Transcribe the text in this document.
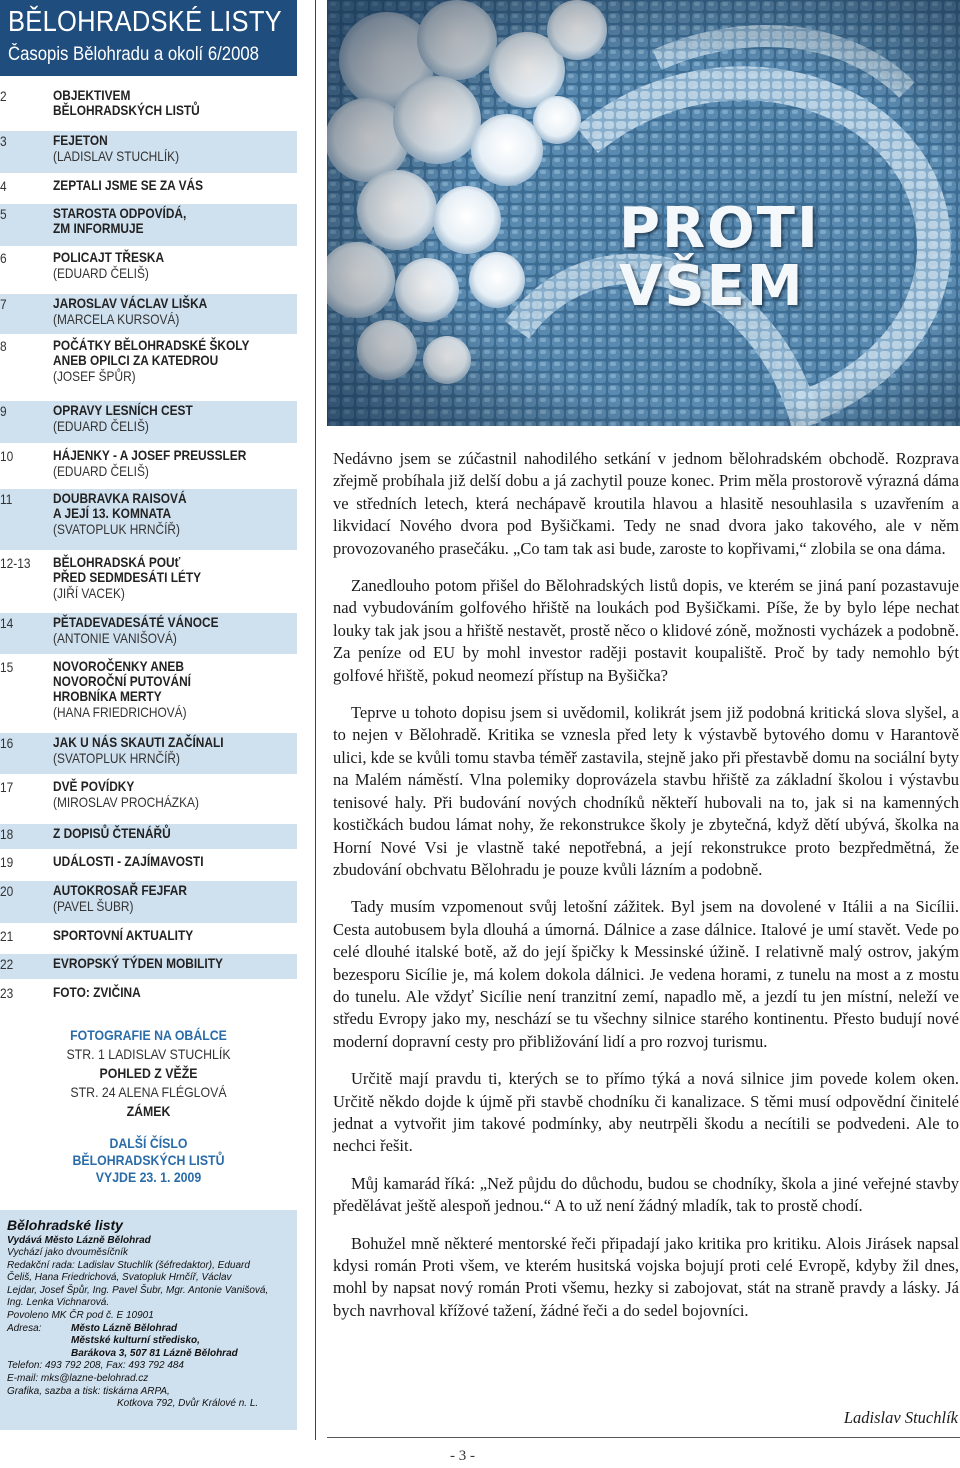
BĚLOHRADSKÉ LISTY
Časopis Bělohradu a okolí 6/2008
2	OBJEKTIVEM
BĚLOHRADSKÝCH LISTŮ
3	FEJETON
(LADISLAV STUCHLÍK)
4	ZEPTALI JSME SE ZA VÁS
5	STAROSTA ODPOVÍDÁ,
ZM INFORMUJE
6	POLICAJT TŘESKA
(EDUARD ČELIŠ)
7	JAROSLAV VÁCLAV LIŠKA
(MARCELA KURSOVÁ)
8	POČÁTKY BĚLOHRADSKÉ ŠKOLY
ANEB OPILCI ZA KATEDROU
(JOSEF ŠPŮR)
9	OPRAVY LESNÍCH CEST
(EDUARD ČELIŠ)
10	HÁJENKY - A JOSEF PREUSSLER
(EDUARD ČELIŠ)
11	DOUBRAVKA RAISOVÁ
A JEJÍ 13. KOMNATA
(SVATOPLUK HRNČÍŘ)
12-13 BĚLOHRADSKÁ POUť
PŘED SEDMDESÁTI LÉTY
(JIŘÍ VACEK)
14	PĚTADEVADESÁTÉ VÁNOCE
(ANTONIE VANIŠOVÁ)
15	NOVOROČENKY ANEB
NOVOROČNÍ PUTOVÁNÍ
HROBNÍKA MERTY
(HANA FRIEDRICHOVÁ)
16	JAK U NÁS SKAUTI ZAČÍNALI
(SVATOPLUK HRNČÍŘ)
17	DVĚ POVÍDKY
(MIROSLAV PROCHÁZKA)
18	Z DOPISŮ ČTENÁŘŮ
19	UDÁLOSTI - ZAJÍMAVOSTI
20	AUTOKROSAŘ FEJFAR
(PAVEL ŠUBR)
21	SPORTOVNÍ AKTUALITY
22	EVROPSKÝ TÝDEN MOBILITY
23	FOTO: ZVIČINA
FOTOGRAFIE NA OBÁLCE
STR. 1 LADISLAV STUCHLÍK
POHLED Z VĚŽE
STR. 24 ALENA FLÉGLOVÁ
ZÁMEK
DALŠÍ ČÍSLO
BĚLOHRADSKÝCH LISTŮ
VYJDE 23. 1. 2009
Bělohradské listy
Vydává Město Lázně Bělohrad
Vychází jako dvouměsíčník
Redakční rada: Ladislav Stuchlík (šéfredaktor), Eduard
Čeliš, Hana Friedrichová, Svatopluk Hrnčíř, Václav
Lejdar, Josef Špůr, Ing. Pavel Šubr, Mgr. Antonie Vanišová,
Ing. Lenka Vichnarová.
Povoleno MK ČR pod č. E 10901
Adresa:	Město Lázně Bělohrad
Městské kulturní středisko,
Barákova 3, 507 81 Lázně Bělohrad
Telefon: 493 792 208, Fax: 493 792 484
E-mail: mks@lazne-belohrad.cz
Grafika, sazba a tisk: tiskárna ARPA,
Kotkova 792, Dvůr Králové n. L.
PROTI
VŠEM

Nedávno jsem se zúčastnil nahodilého setkání v jednom bělohradském obchodě. Rozprava zřejmě probíhala již delší dobu a já zachytil pouze konec. Prim měla prostorově výrazná dáma ve středních letech, která nechápavě kroutila hlavou a hlasitě nesouhlasila s uzavřením a likvidací Nového dvora pod Byšičkami. Tedy ne snad dvora jako takového, ale v něm provozovaného prasečáku. „Co tam tak asi bude, zaroste to kopřivami,“ zlobila se ona dáma.

Zanedlouho potom přišel do Bělohradských listů dopis, ve kterém se jiná paní pozastavuje nad vybudováním golfového hřiště na loukách pod Byšičkami. Píše, že by bylo lépe nechat louky tak jak jsou a hřiště nestavět, prostě něco o klidové zóně, možnosti vycházek a podobně. Za peníze od EU by mohl investor raději postavit koupaliště. Proč by tady nemohlo být golfové hřiště, pokud neomezí přístup na Byšička?

Teprve u tohoto dopisu jsem si uvědomil, kolikrát jsem již podobná kritická slova slyšel, a to nejen v Bělohradě. Kritika se vznesla před lety k výstavbě bytového domu v Harantově ulici, kde se kvůli tomu stavba téměř zastavila, stejně jako při přestavbě domu na sociální byty na Malém náměstí. Vlna polemiky doprovázela stavbu hřiště za základní školou i výstavbu tenisové haly. Při budování nových chodníků někteří hubovali na to, jak si na kamenných kostičkách budou lámat nohy, že rekonstrukce školy je zbytečná, když dětí ubývá, školka na Horní Nové Vsi je vlastně také nepotřebná, a její rekonstrukce proto bezpředmětná, že zbudování obchvatu Bělohradu je pouze kvůli lázním a podobně.

Tady musím vzpomenout svůj letošní zážitek. Byl jsem na dovolené v Itálii a na Sicílii. Cesta autobusem byla dlouhá a úmorná. Dálnice a zase dálnice. Italové je umí stavět. Vede po celé dlouhé italské botě, až do její špičky k Messinské úžině. I relativně malý ostrov, jakým bezesporu Sicílie je, má kolem dokola dálnici. Je vedena horami, z tunelu na most a z mostu do tunelu. Ale vždyť Sicílie není tranzitní zemí, napadlo mě, a jezdí tu jen místní, neleží ve středu Evropy jako my, neschází se tu všechny silnice starého kontinentu. Přesto budují nové moderní dopravní cesty pro přibližování lidí a pro rozvoj turismu.

Určitě mají pravdu ti, kterých se to přímo týká a nová silnice jim povede kolem oken. Určitě někdo dojde k újmě při stavbě chodníku či kanalizace. S těmi musí odpovědní činitelé jednat a vytvořit jim takové podmínky, aby neutrpěli škodu a necítili se podvedeni. Ale to nechci řešit.

Můj kamarád říká: „Než půjdu do důchodu, budou se chodníky, škola a jiné veřejné stavby předělávat ještě alespoň jednou.“ A to už není žádný mladík, tak to prostě chodí.

Bohužel mně některé mentorské řeči připadají jako kritika pro kritiku. Alois Jirásek napsal kdysi román Proti všem, ve kterém husitská vojska bojují proti celé Evropě, kdyby žil dnes, mohl by napsat nový román Proti všemu, hezky si zabojovat, stát na straně pravdy a lásky. Já bych navrhoval křížové tažení, žádné řeči a do sedel bojovníci.

Ladislav Stuchlík
- 3 -
